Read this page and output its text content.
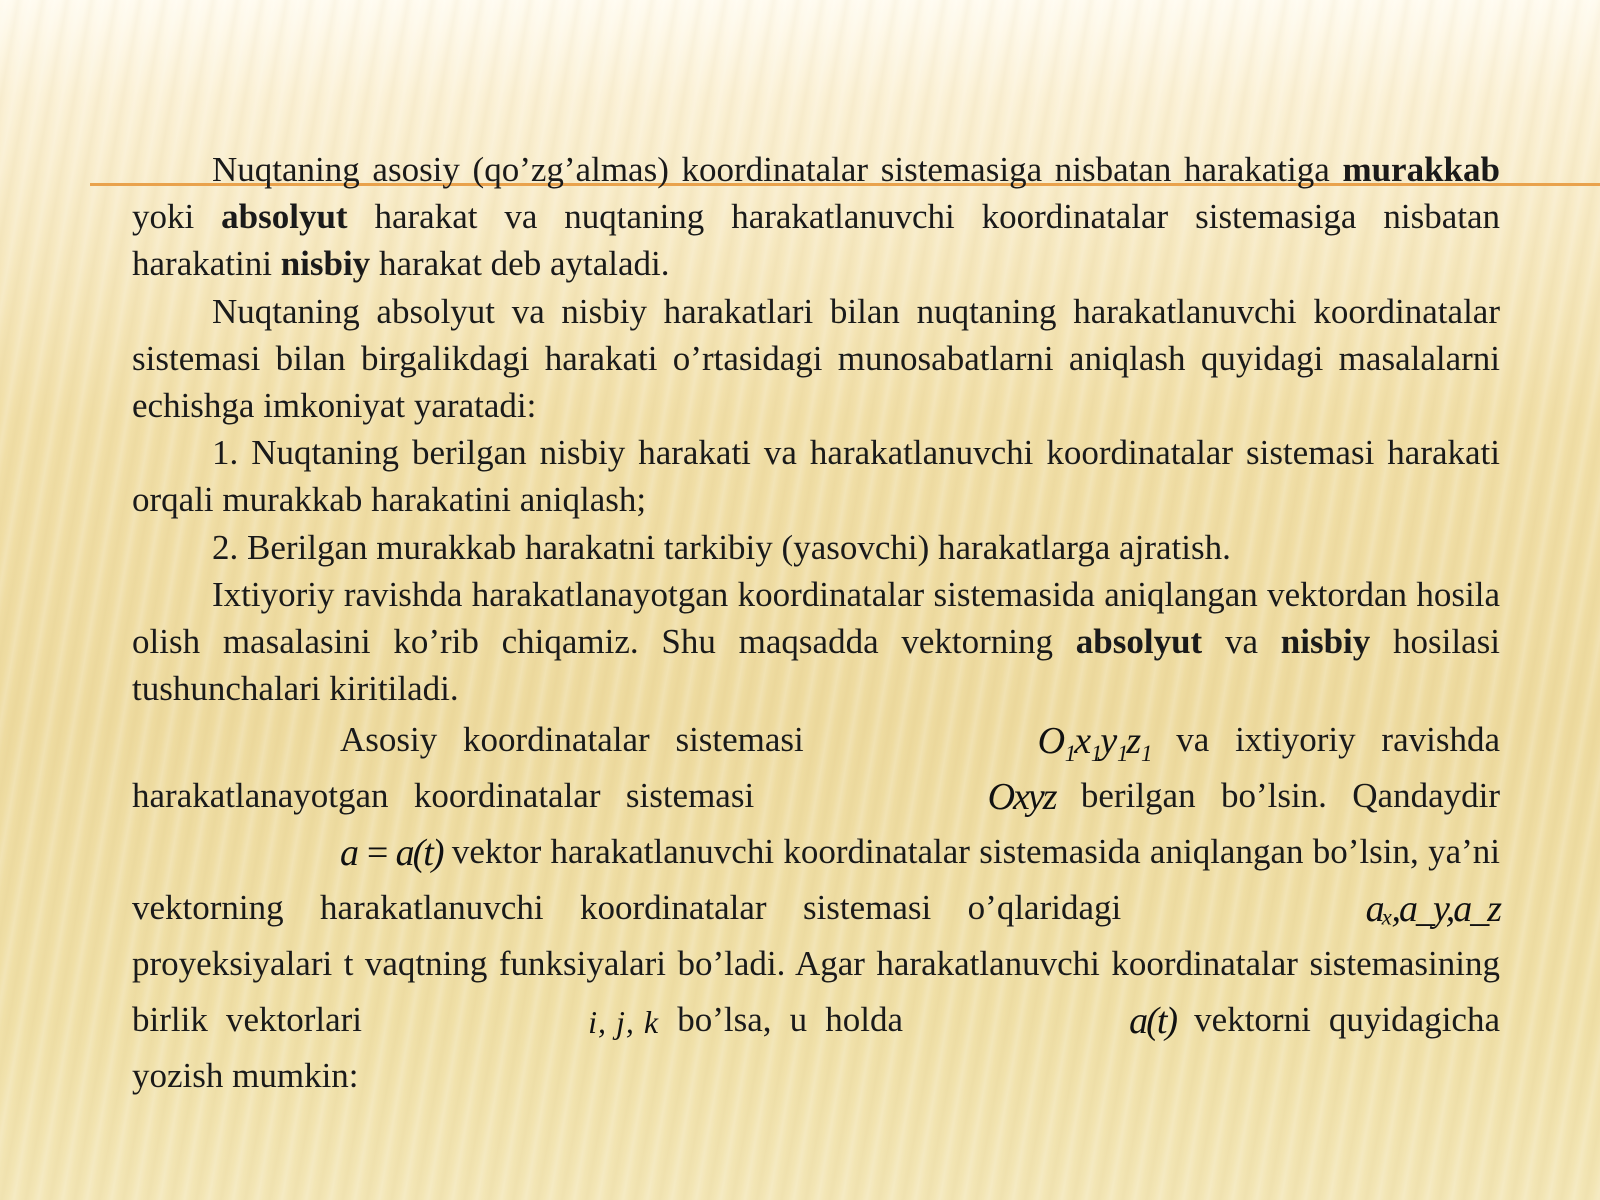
Nuqtaning asosiy (qo’zg’almas) koordinatalar sistemasiga nisbatan harakatiga murakkab yoki absolyut harakat va nuqtaning harakatlanuvchi koordinatalar sistemasiga nisbatan harakatini nisbiy harakat deb aytaladi.

Nuqtaning absolyut va nisbiy harakatlari bilan nuqtaning harakatlanuvchi koordinatalar sistemasi bilan birgalikdagi harakati o’rtasidagi munosabatlarni aniqlash quyidagi masalalarni echishga imkoniyat yaratadi:

1. Nuqtaning berilgan nisbiy harakati va harakatlanuvchi koordinatalar sistemasi harakati orqali murakkab harakatini aniqlash;

2. Berilgan murakkab harakatni tarkibiy (yasovchi) harakatlarga ajratish.

Ixtiyoriy ravishda harakatlanayotgan koordinatalar sistemasida aniqlangan vektordan hosila olish masalasini ko’rib chiqamiz. Shu maqsadda vektorning absolyut va nisbiy hosilasi tushunchalari kiritiladi.

Asosiy koordinatalar sistemasi	O₁x₁y₁z₁ va ixtiyoriy ravishda harakatlanayotgan koordinatalar sistemasi	Oxyz berilgan bo’lsin. Qandaydir a = a(t) vektor harakatlanuvchi koordinatalar sistemasida aniqlangan bo’lsin, ya’ni vektorning harakatlanuvchi koordinatalar sistemasi o’qlaridagi	aₓ,a_y,a_z proyeksiyalari t vaqtning funksiyalari bo’ladi. Agar harakatlanuvchi koordinatalar sistemasining birlik vektorlari	i, j, k bo’lsa, u holda	a(t) vektorni quyidagicha yozish mumkin:
